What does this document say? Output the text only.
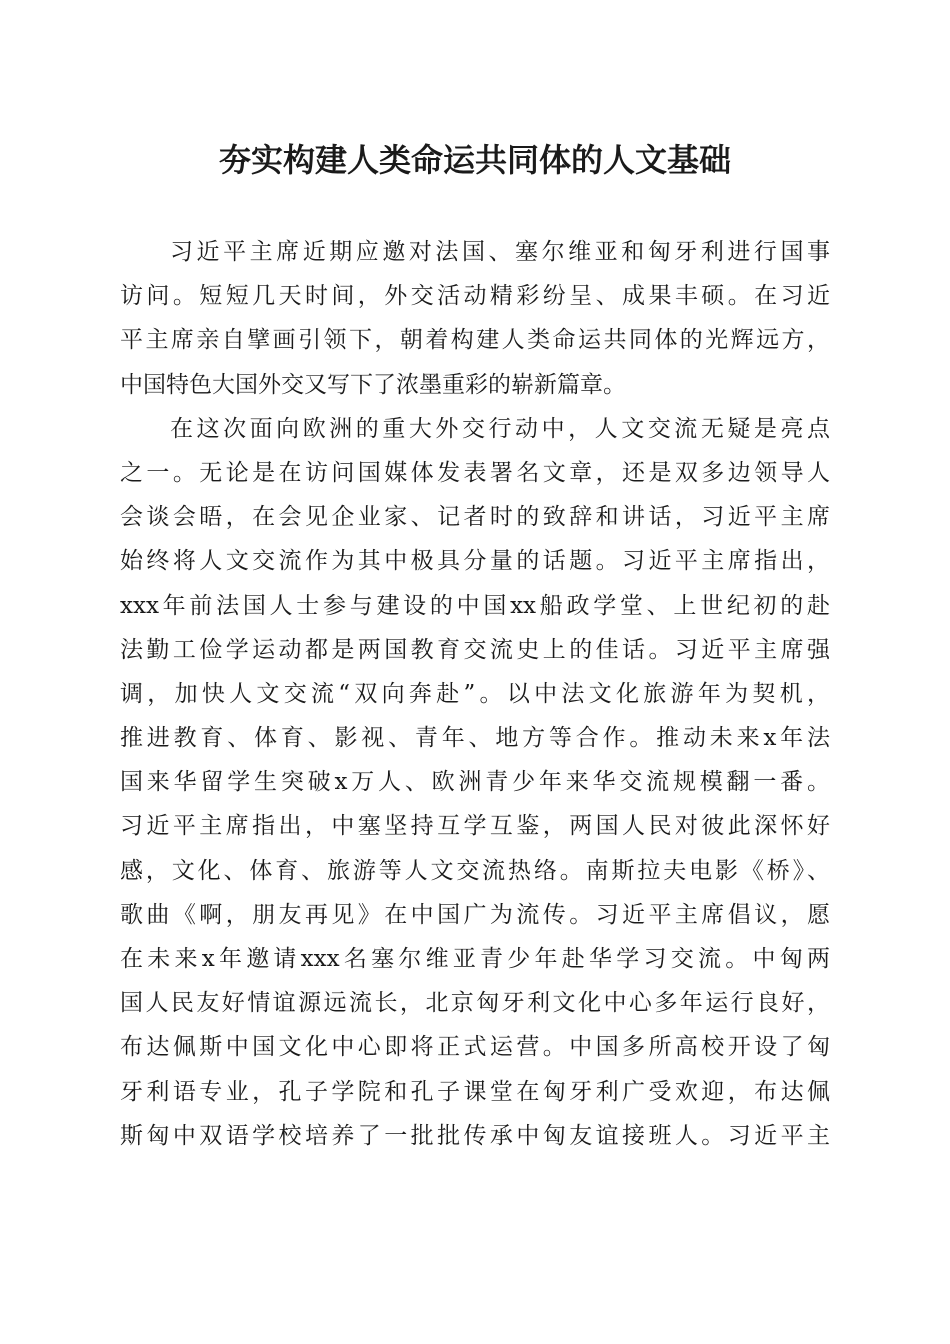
夯实构建人类命运共同体的人文基础
习近平主席近期应邀对法国、塞尔维亚和匈牙利进行国事
访问。短短几天时间，外交活动精彩纷呈、成果丰硕。在习近
平主席亲自擘画引领下，朝着构建人类命运共同体的光辉远方，
中国特色大国外交又写下了浓墨重彩的崭新篇章。
在这次面向欧洲的重大外交行动中，人文交流无疑是亮点
之一。无论是在访问国媒体发表署名文章，还是双多边领导人
会谈会晤，在会见企业家、记者时的致辞和讲话，习近平主席
始终将人文交流作为其中极具分量的话题。习近平主席指出，
xxx年前法国人士参与建设的中国xx船政学堂、上世纪初的赴
法勤工俭学运动都是两国教育交流史上的佳话。习近平主席强
调，加快人文交流“双向奔赴”。以中法文化旅游年为契机，
推进教育、体育、影视、青年、地方等合作。推动未来x年法
国来华留学生突破x万人、欧洲青少年来华交流规模翻一番。
习近平主席指出，中塞坚持互学互鉴，两国人民对彼此深怀好
感，文化、体育、旅游等人文交流热络。南斯拉夫电影《桥》、
歌曲《啊，朋友再见》在中国广为流传。习近平主席倡议，愿
在未来x年邀请xxx名塞尔维亚青少年赴华学习交流。中匈两
国人民友好情谊源远流长，北京匈牙利文化中心多年运行良好，
布达佩斯中国文化中心即将正式运营。中国多所高校开设了匈
牙利语专业，孔子学院和孔子课堂在匈牙利广受欢迎，布达佩
斯匈中双语学校培养了一批批传承中匈友谊接班人。习近平主
